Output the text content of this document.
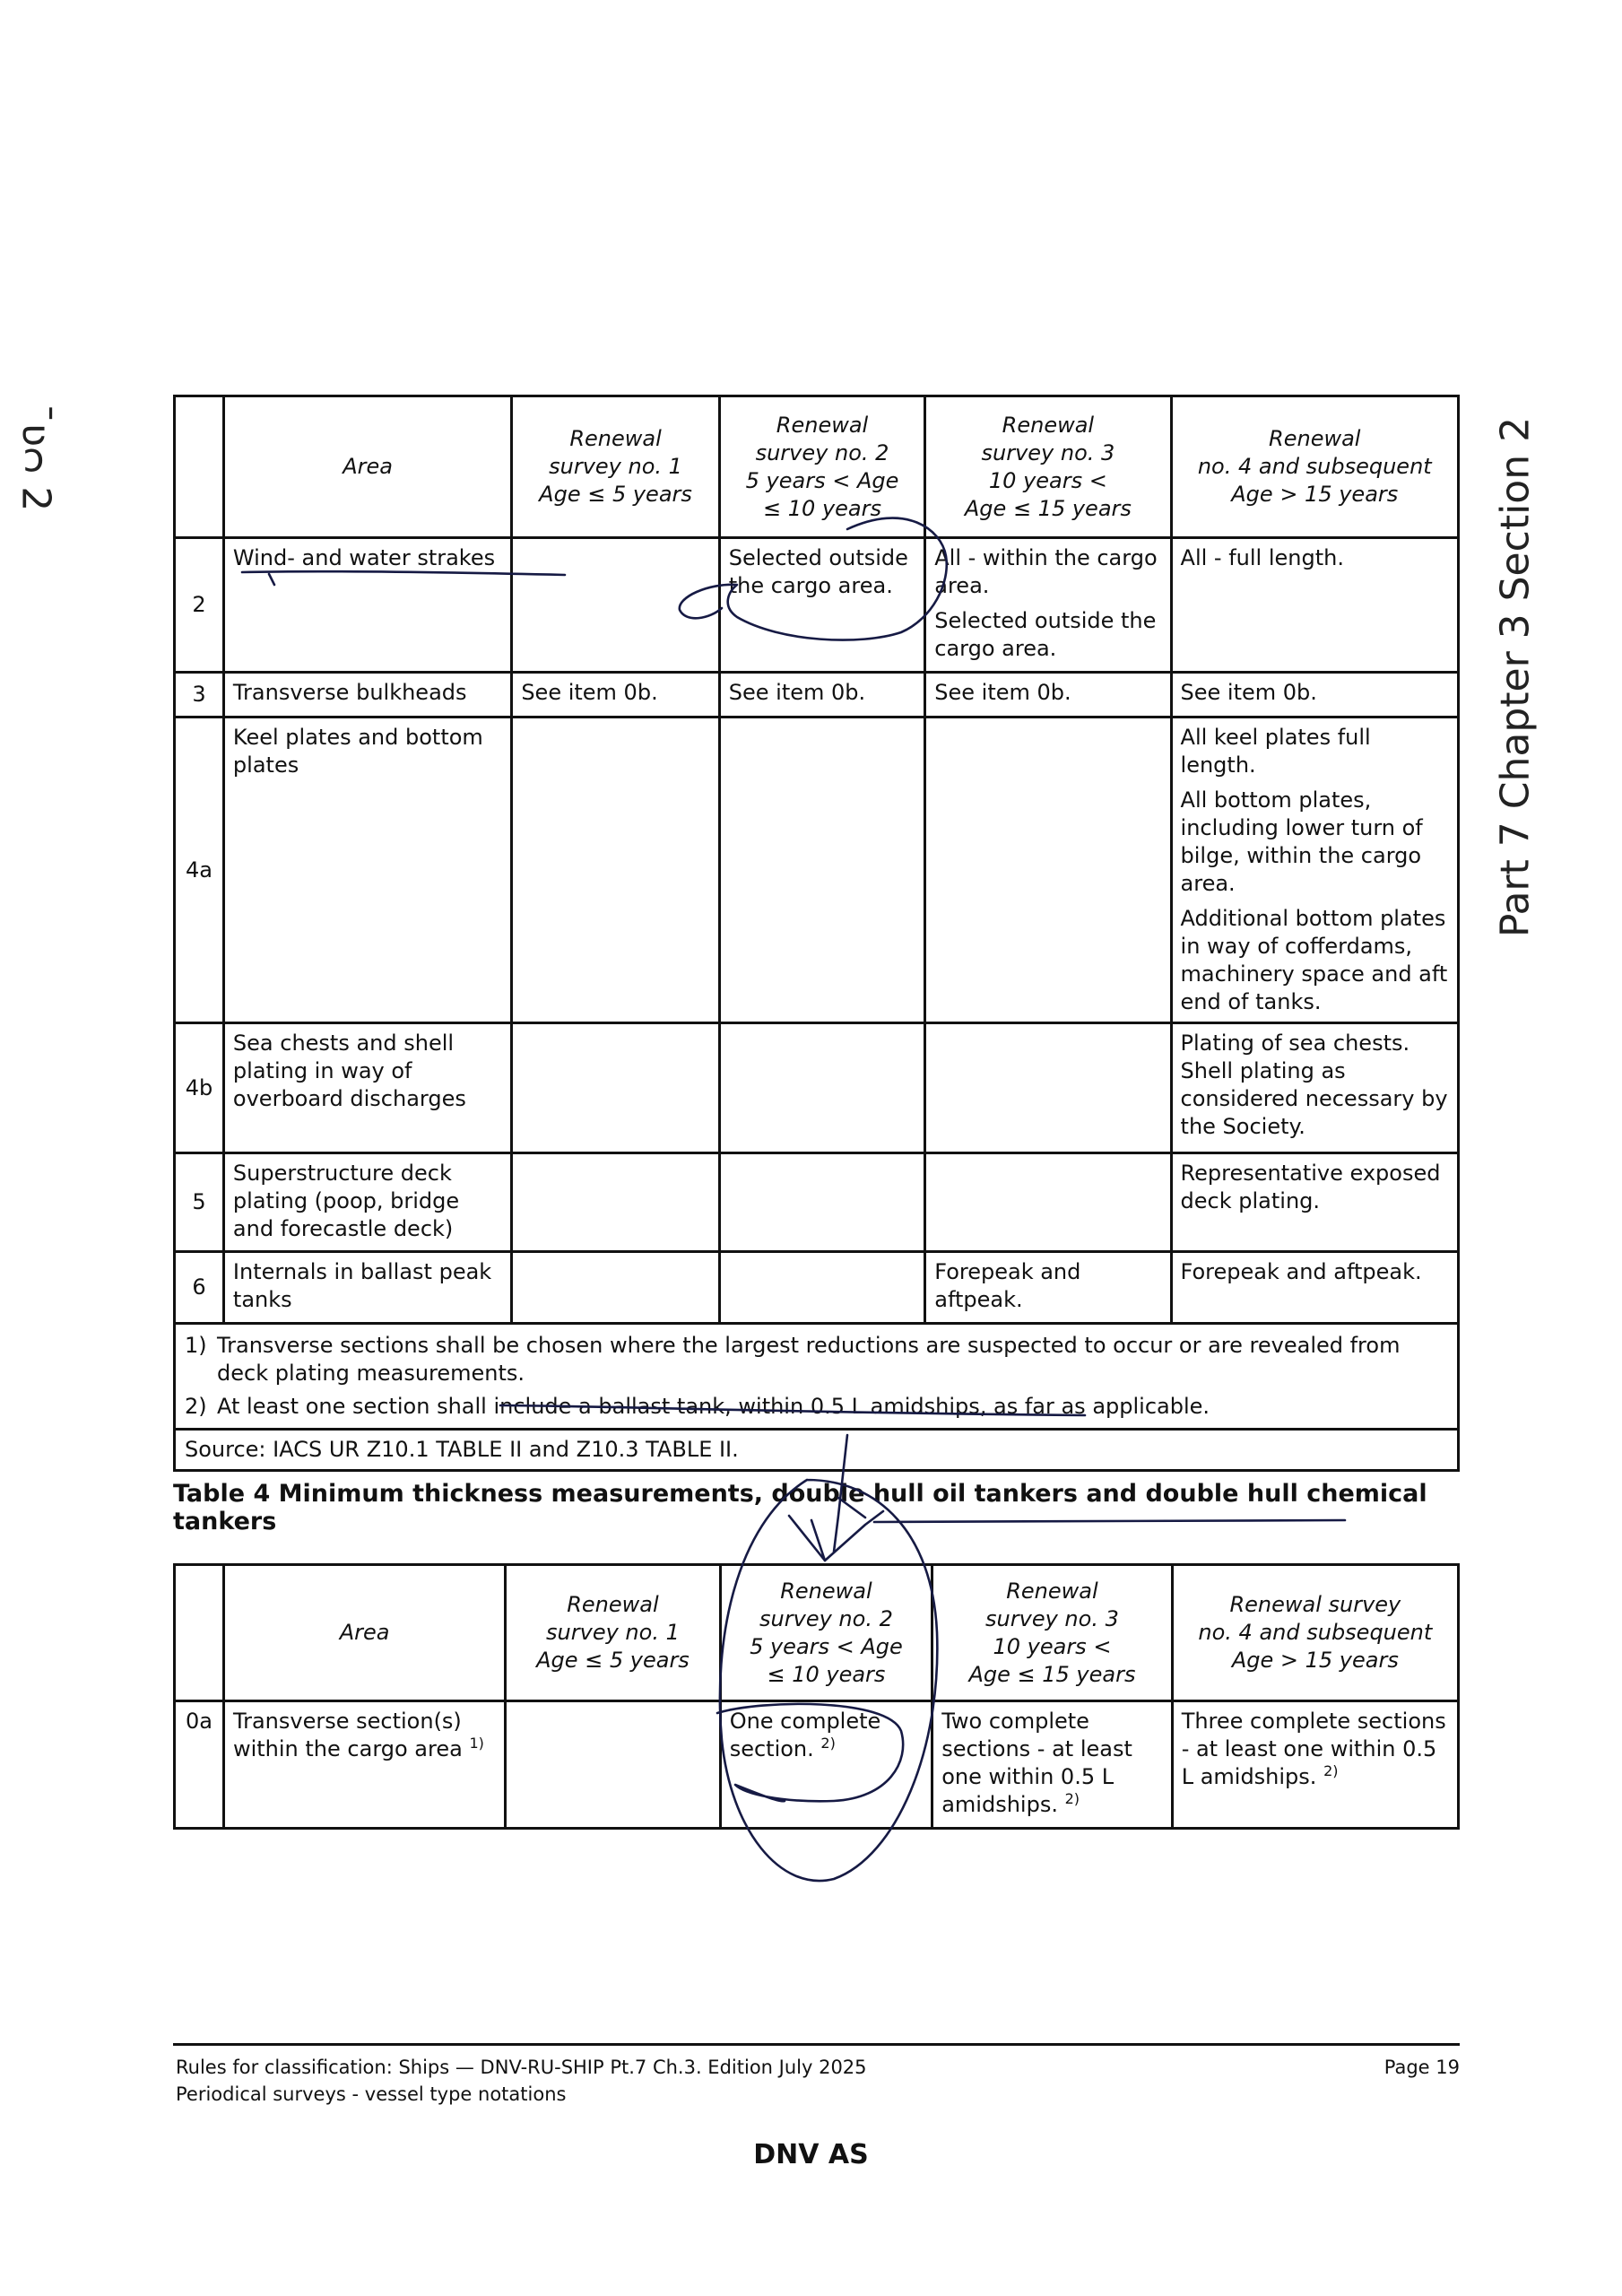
Part 7 Chapter 3 Section 2
ˉʋᴒ 2
		Area	Renewal
survey no. 1
Age ≤ 5 years	Renewal
survey no. 2
5 years < Age
≤ 10 years	Renewal
survey no. 3
10 years <
Age ≤ 15 years	Renewal
no. 4 and subsequent
Age > 15 years
2	Wind- and water strakes		Selected outside the cargo area.	All - within the cargo area.

Selected outside the cargo area.	All - full length.
3	Transverse bulkheads	See item 0b.	See item 0b.	See item 0b.	See item 0b.
4a	Keel plates and bottom plates				All keel plates full length.

All bottom plates, including lower turn of bilge, within the cargo area.

Additional bottom plates in way of cofferdams, machinery space and aft end of tanks.

4b	Sea chests and shell plating in way of overboard discharges				Plating of sea chests. Shell plating as considered necessary by the Society.
5	Superstructure deck plating (poop, bridge and forecastle deck)				Representative exposed deck plating.
6	Internals in ballast peak tanks			Forepeak and aftpeak.	Forepeak and aftpeak.

1) Transverse sections shall be chosen where the largest reductions are suspected to occur or are revealed from deck plating measurements.
2) At least one section shall include a ballast tank, within 0.5 L amidships, as far as applicable.					

Source: IACS UR Z10.1 TABLE II and Z10.3 TABLE II.					
Table 4 Minimum thickness measurements, double hull oil tankers and double hull chemical tankers
	Area	Renewal
survey no. 1
Age ≤ 5 years	Renewal
survey no. 2
5 years < Age
≤ 10 years	Renewal
survey no. 3
10 years <
Age ≤ 15 years	Renewal survey
no. 4 and subsequent
Age > 15 years
0a	Transverse section(s) within the cargo area $^{1)}$		One complete section. $^{2)}$	Two complete sections - at least one within 0.5 L amidships. $^{2)}$	Three complete sections - at least one within 0.5 L amidships. $^{2)}$
Rules for classification: Ships — DNV-RU-SHIP Pt.7 Ch.3. Edition July 2025
Periodical surveys - vessel type notations
Page 19
DNV AS
